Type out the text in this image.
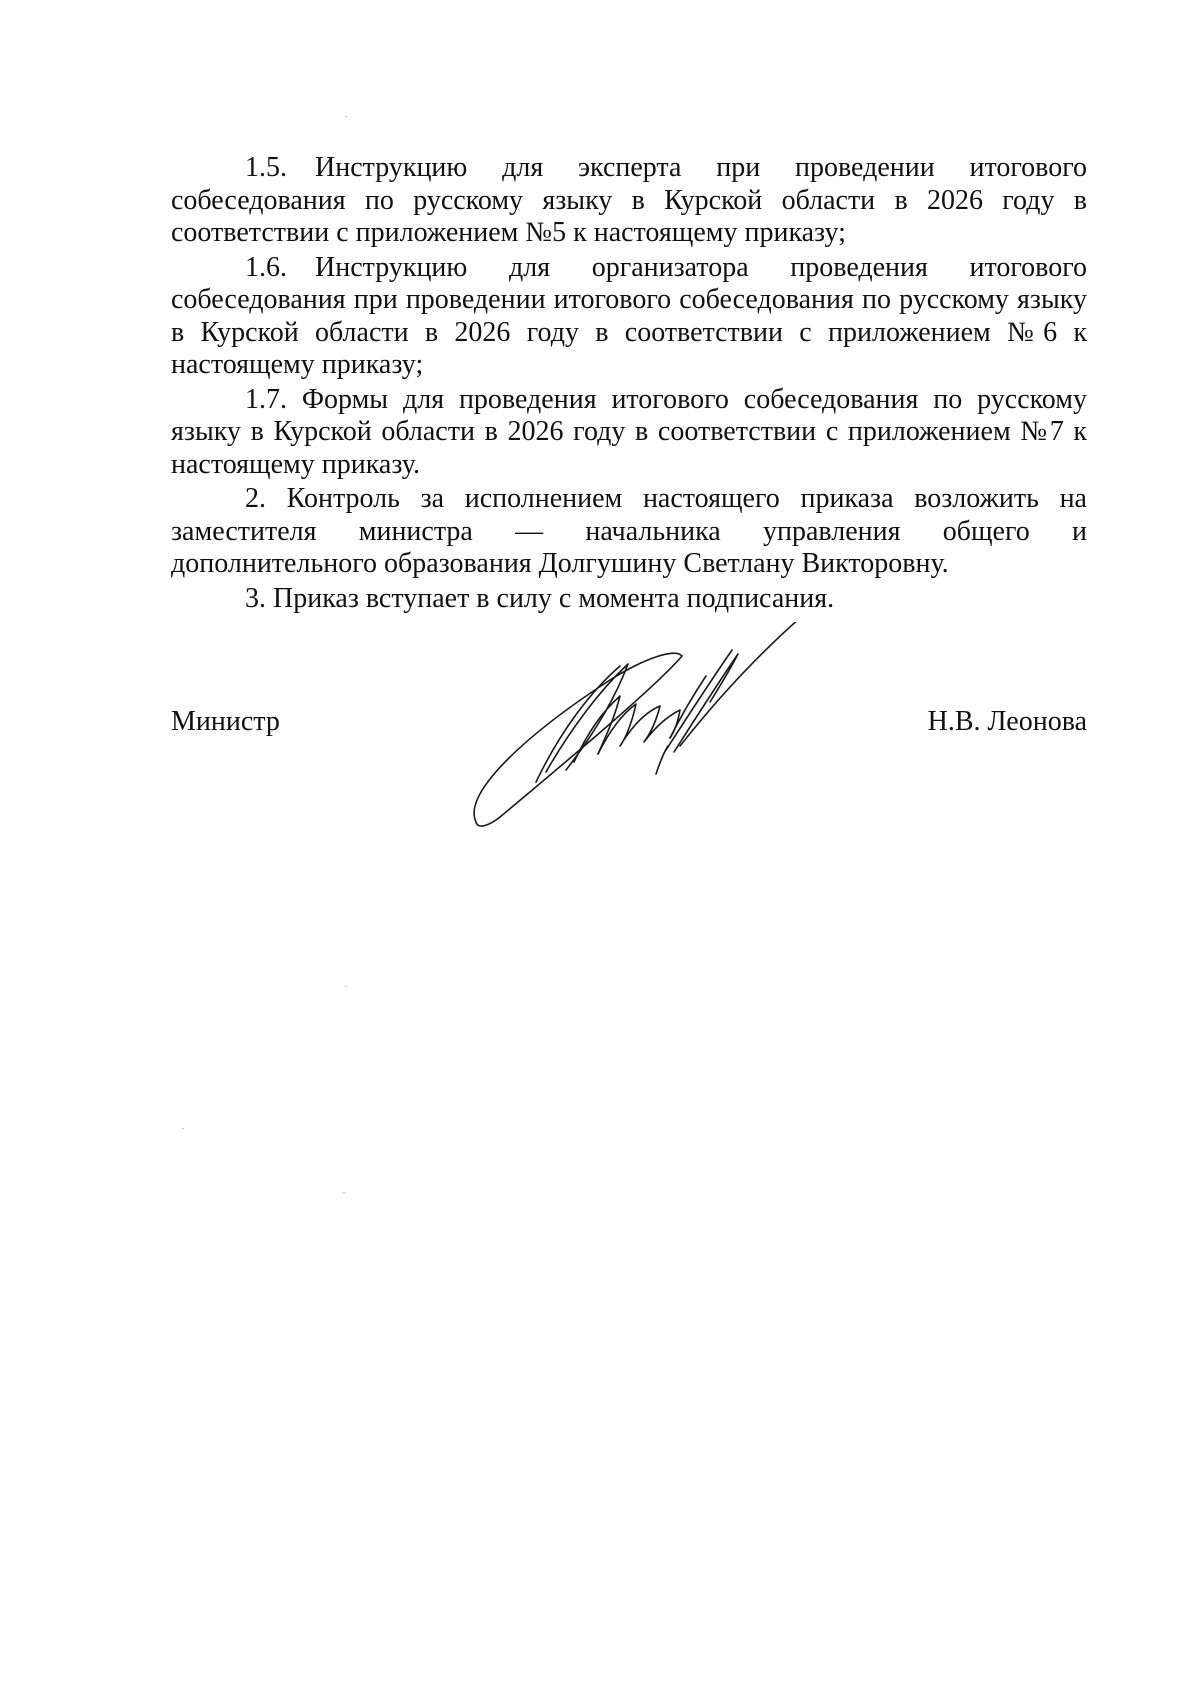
1.5. Инструкцию для эксперта при проведении итогового собеседования по русскому языку в Курской области в 2026 году в соответствии с приложением №5 к настоящему приказу;

1.6. Инструкцию для организатора проведения итогового собеседования при проведении итогового собеседования по русскому языку в Курской области в 2026 году в соответствии с приложением №6 к настоящему приказу;

1.7. Формы для проведения итогового собеседования по русскому языку в Курской области в 2026 году в соответствии с приложением №7 к настоящему приказу.

2. Контроль за исполнением настоящего приказа возложить на заместителя министра — начальника управления общего и дополнительного образования Долгушину Светлану Викторовну.

3. Приказ вступает в силу с момента подписания.

Министр	Н.В. Леонова
